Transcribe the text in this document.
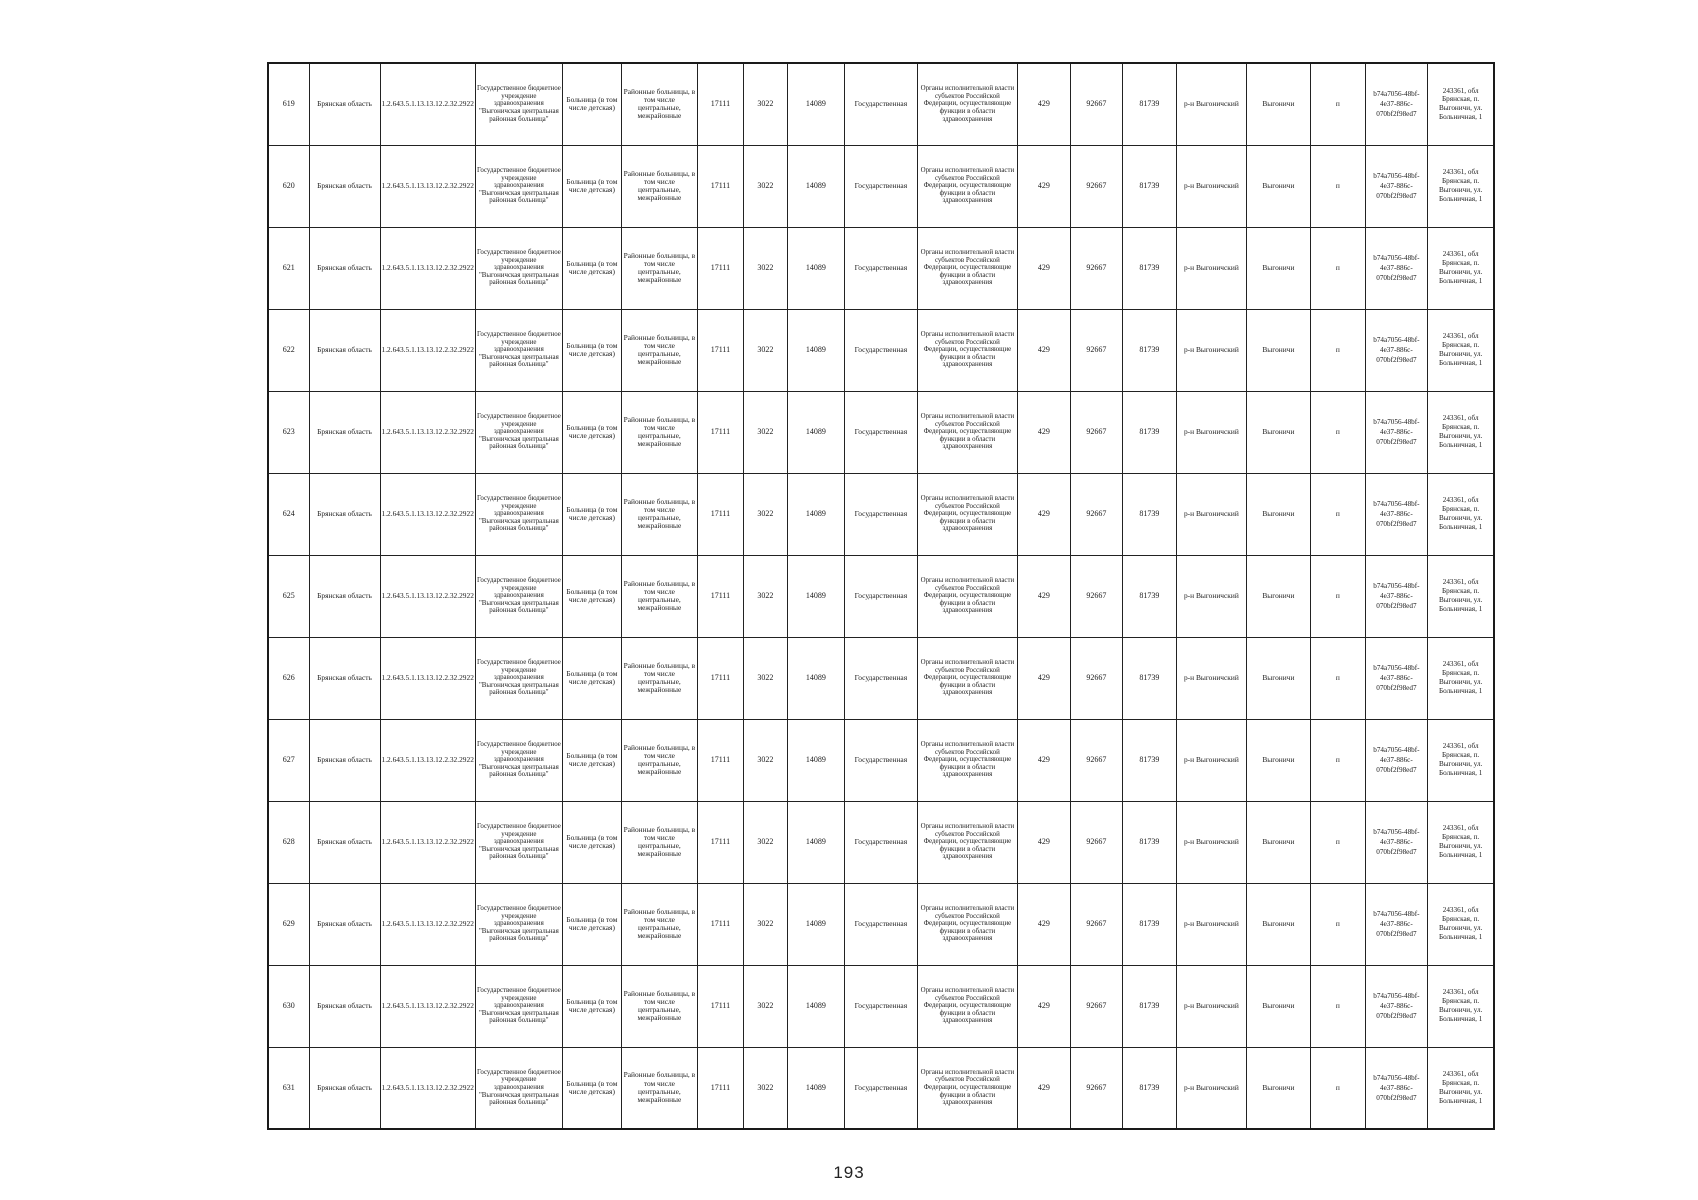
619	Брянская область	1.2.643.5.1.13.13.12.2.32.2922	Государственное бюджетное учреждение здравоохранения "Выгоничская центральная районная больница"	Больница (в том числе детская)	Районные больницы, в том числе центральные, межрайонные	17111	3022	14089	Государственная	Органы исполнительной власти субъектов Российской Федерации, осуществляющие функции в области здравоохранения	429	92667	81739	р-н Выгоничский	Выгоничи	п	b74a7056-48bf-4e37-886c-070bf2f98ed7	243361, обл Брянская, п. Выгоничи, ул. Больничная, 1
620	Брянская область	1.2.643.5.1.13.13.12.2.32.2922	Государственное бюджетное учреждение здравоохранения "Выгоничская центральная районная больница"	Больница (в том числе детская)	Районные больницы, в том числе центральные, межрайонные	17111	3022	14089	Государственная	Органы исполнительной власти субъектов Российской Федерации, осуществляющие функции в области здравоохранения	429	92667	81739	р-н Выгоничский	Выгоничи	п	b74a7056-48bf-4e37-886c-070bf2f98ed7	243361, обл Брянская, п. Выгоничи, ул. Больничная, 1
621	Брянская область	1.2.643.5.1.13.13.12.2.32.2922	Государственное бюджетное учреждение здравоохранения "Выгоничская центральная районная больница"	Больница (в том числе детская)	Районные больницы, в том числе центральные, межрайонные	17111	3022	14089	Государственная	Органы исполнительной власти субъектов Российской Федерации, осуществляющие функции в области здравоохранения	429	92667	81739	р-н Выгоничский	Выгоничи	п	b74a7056-48bf-4e37-886c-070bf2f98ed7	243361, обл Брянская, п. Выгоничи, ул. Больничная, 1
622	Брянская область	1.2.643.5.1.13.13.12.2.32.2922	Государственное бюджетное учреждение здравоохранения "Выгоничская центральная районная больница"	Больница (в том числе детская)	Районные больницы, в том числе центральные, межрайонные	17111	3022	14089	Государственная	Органы исполнительной власти субъектов Российской Федерации, осуществляющие функции в области здравоохранения	429	92667	81739	р-н Выгоничский	Выгоничи	п	b74a7056-48bf-4e37-886c-070bf2f98ed7	243361, обл Брянская, п. Выгоничи, ул. Больничная, 1
623	Брянская область	1.2.643.5.1.13.13.12.2.32.2922	Государственное бюджетное учреждение здравоохранения "Выгоничская центральная районная больница"	Больница (в том числе детская)	Районные больницы, в том числе центральные, межрайонные	17111	3022	14089	Государственная	Органы исполнительной власти субъектов Российской Федерации, осуществляющие функции в области здравоохранения	429	92667	81739	р-н Выгоничский	Выгоничи	п	b74a7056-48bf-4e37-886c-070bf2f98ed7	243361, обл Брянская, п. Выгоничи, ул. Больничная, 1
624	Брянская область	1.2.643.5.1.13.13.12.2.32.2922	Государственное бюджетное учреждение здравоохранения "Выгоничская центральная районная больница"	Больница (в том числе детская)	Районные больницы, в том числе центральные, межрайонные	17111	3022	14089	Государственная	Органы исполнительной власти субъектов Российской Федерации, осуществляющие функции в области здравоохранения	429	92667	81739	р-н Выгоничский	Выгоничи	п	b74a7056-48bf-4e37-886c-070bf2f98ed7	243361, обл Брянская, п. Выгоничи, ул. Больничная, 1
625	Брянская область	1.2.643.5.1.13.13.12.2.32.2922	Государственное бюджетное учреждение здравоохранения "Выгоничская центральная районная больница"	Больница (в том числе детская)	Районные больницы, в том числе центральные, межрайонные	17111	3022	14089	Государственная	Органы исполнительной власти субъектов Российской Федерации, осуществляющие функции в области здравоохранения	429	92667	81739	р-н Выгоничский	Выгоничи	п	b74a7056-48bf-4e37-886c-070bf2f98ed7	243361, обл Брянская, п. Выгоничи, ул. Больничная, 1
626	Брянская область	1.2.643.5.1.13.13.12.2.32.2922	Государственное бюджетное учреждение здравоохранения "Выгоничская центральная районная больница"	Больница (в том числе детская)	Районные больницы, в том числе центральные, межрайонные	17111	3022	14089	Государственная	Органы исполнительной власти субъектов Российской Федерации, осуществляющие функции в области здравоохранения	429	92667	81739	р-н Выгоничский	Выгоничи	п	b74a7056-48bf-4e37-886c-070bf2f98ed7	243361, обл Брянская, п. Выгоничи, ул. Больничная, 1
627	Брянская область	1.2.643.5.1.13.13.12.2.32.2922	Государственное бюджетное учреждение здравоохранения "Выгоничская центральная районная больница"	Больница (в том числе детская)	Районные больницы, в том числе центральные, межрайонные	17111	3022	14089	Государственная	Органы исполнительной власти субъектов Российской Федерации, осуществляющие функции в области здравоохранения	429	92667	81739	р-н Выгоничский	Выгоничи	п	b74a7056-48bf-4e37-886c-070bf2f98ed7	243361, обл Брянская, п. Выгоничи, ул. Больничная, 1
628	Брянская область	1.2.643.5.1.13.13.12.2.32.2922	Государственное бюджетное учреждение здравоохранения "Выгоничская центральная районная больница"	Больница (в том числе детская)	Районные больницы, в том числе центральные, межрайонные	17111	3022	14089	Государственная	Органы исполнительной власти субъектов Российской Федерации, осуществляющие функции в области здравоохранения	429	92667	81739	р-н Выгоничский	Выгоничи	п	b74a7056-48bf-4e37-886c-070bf2f98ed7	243361, обл Брянская, п. Выгоничи, ул. Больничная, 1
629	Брянская область	1.2.643.5.1.13.13.12.2.32.2922	Государственное бюджетное учреждение здравоохранения "Выгоничская центральная районная больница"	Больница (в том числе детская)	Районные больницы, в том числе центральные, межрайонные	17111	3022	14089	Государственная	Органы исполнительной власти субъектов Российской Федерации, осуществляющие функции в области здравоохранения	429	92667	81739	р-н Выгоничский	Выгоничи	п	b74a7056-48bf-4e37-886c-070bf2f98ed7	243361, обл Брянская, п. Выгоничи, ул. Больничная, 1
630	Брянская область	1.2.643.5.1.13.13.12.2.32.2922	Государственное бюджетное учреждение здравоохранения "Выгоничская центральная районная больница"	Больница (в том числе детская)	Районные больницы, в том числе центральные, межрайонные	17111	3022	14089	Государственная	Органы исполнительной власти субъектов Российской Федерации, осуществляющие функции в области здравоохранения	429	92667	81739	р-н Выгоничский	Выгоничи	п	b74a7056-48bf-4e37-886c-070bf2f98ed7	243361, обл Брянская, п. Выгоничи, ул. Больничная, 1
631	Брянская область	1.2.643.5.1.13.13.12.2.32.2922	Государственное бюджетное учреждение здравоохранения "Выгоничская центральная районная больница"	Больница (в том числе детская)	Районные больницы, в том числе центральные, межрайонные	17111	3022	14089	Государственная	Органы исполнительной власти субъектов Российской Федерации, осуществляющие функции в области здравоохранения	429	92667	81739	р-н Выгоничский	Выгоничи	п	b74a7056-48bf-4e37-886c-070bf2f98ed7	243361, обл Брянская, п. Выгоничи, ул. Больничная, 1
193
